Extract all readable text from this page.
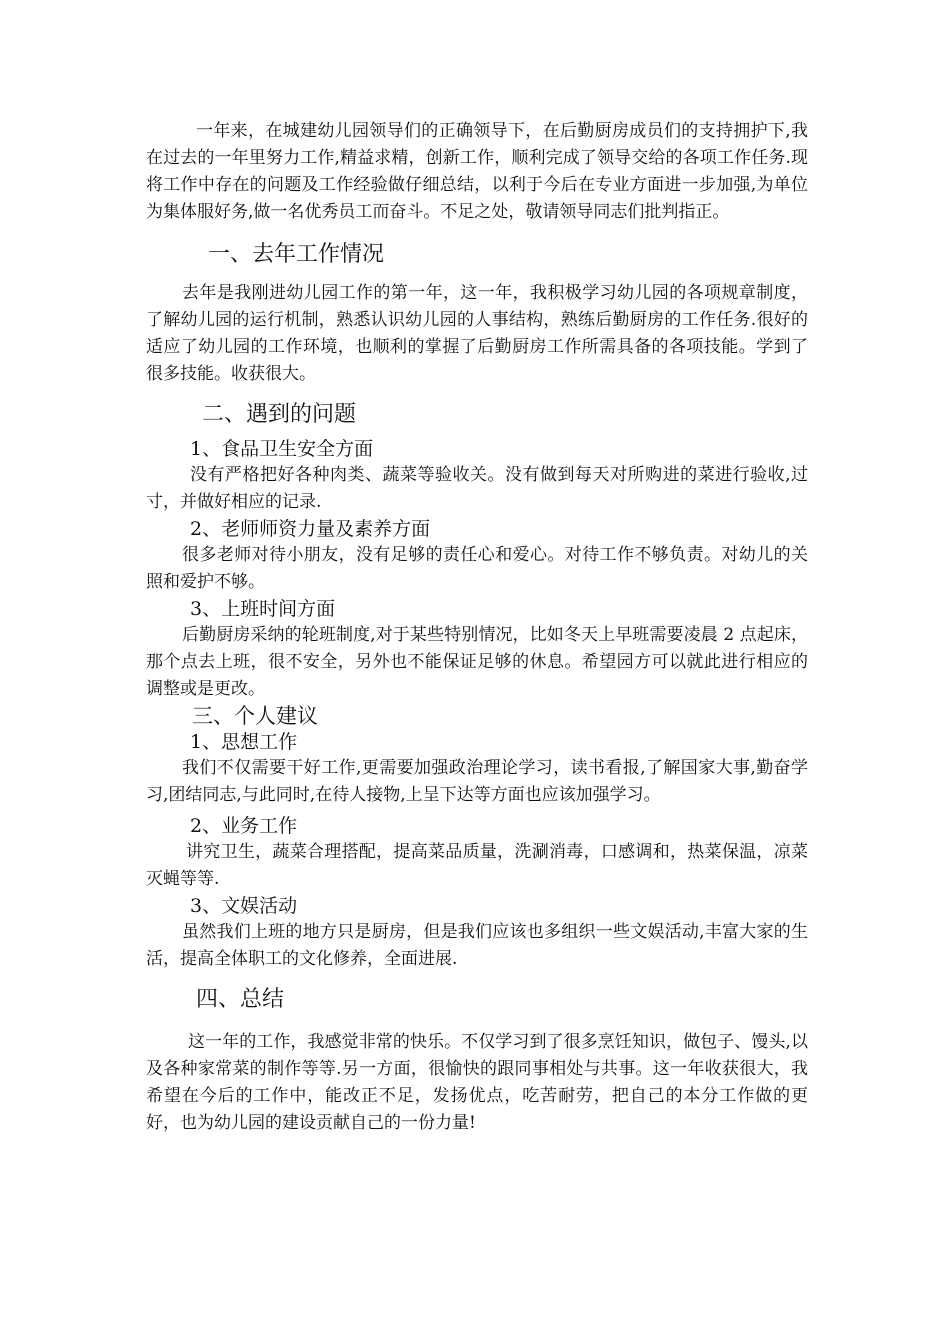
一年来，在城建幼儿园领导们的正确领导下，在后勤厨房成员们的支持拥护下,我在过去的一年里努力工作,精益求精，创新工作，顺利完成了领导交给的各项工作任务.现将工作中存在的问题及工作经验做仔细总结，以利于今后在专业方面进一步加强,为单位为集体服好务,做一名优秀员工而奋斗。不足之处，敬请领导同志们批判指正。

一、去年工作情况

去年是我刚进幼儿园工作的第一年，这一年，我积极学习幼儿园的各项规章制度，了解幼儿园的运行机制，熟悉认识幼儿园的人事结构，熟练后勤厨房的工作任务.很好的适应了幼儿园的工作环境，也顺利的掌握了后勤厨房工作所需具备的各项技能。学到了很多技能。收获很大。

二、遇到的问题
1、食品卫生安全方面

没有严格把好各种肉类、蔬菜等验收关。没有做到每天对所购进的菜进行验收,过寸，并做好相应的记录.

2、老师师资力量及素养方面

很多老师对待小朋友，没有足够的责任心和爱心。对待工作不够负责。对幼儿的关照和爱护不够。

3、上班时间方面

后勤厨房采纳的轮班制度,对于某些特别情况，比如冬天上早班需要凌晨 2 点起床，那个点去上班，很不安全，另外也不能保证足够的休息。希望园方可以就此进行相应的调整或是更改。

三、个人建议
1、思想工作

我们不仅需要干好工作,更需要加强政治理论学习，读书看报,了解国家大事,勤奋学习,团结同志,与此同时,在待人接物,上呈下达等方面也应该加强学习。

2、业务工作

讲究卫生，蔬菜合理搭配，提高菜品质量，洗涮消毒，口感调和，热菜保温，凉菜灭蝇等等.

3、文娱活动

虽然我们上班的地方只是厨房，但是我们应该也多组织一些文娱活动,丰富大家的生活，提高全体职工的文化修养，全面进展.

四、总结

这一年的工作，我感觉非常的快乐。不仅学习到了很多烹饪知识，做包子、馒头,以及各种家常菜的制作等等.另一方面，很愉快的跟同事相处与共事。这一年收获很大，我希望在今后的工作中，能改正不足，发扬优点，吃苦耐劳，把自己的本分工作做的更好，也为幼儿园的建设贡献自己的一份力量!
